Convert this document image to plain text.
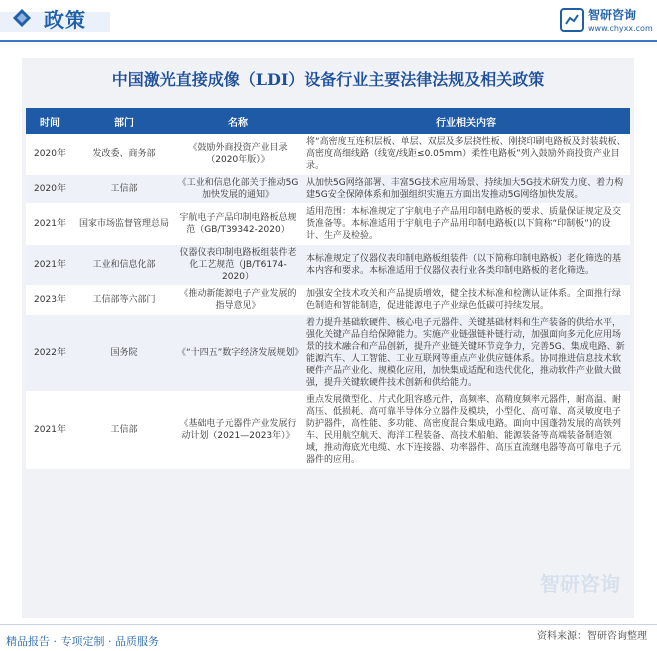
政策	智研咨询
www.chyxx.com
中国激光直接成像（LDI）设备行业主要法律法规及相关政策
时间	部门	名称	行业相关内容
2020年	发改委、商务部	《鼓励外商投资产业目录（2020年版）》	将“高密度互连积层板、单层、双层及多层挠性板、刚挠印刷电路板及封装载板、高密度高细线路（线宽/线距≤0.05mm）柔性电路板”列入鼓励外商投资产业目录。
2020年	工信部	《工业和信息化部关于推动5G加快发展的通知》	从加快5G网络部署、丰富5G技术应用场景、持续加大5G技术研发力度、着力构建5G安全保障体系和加强组织实施五方面出发推动5G网络加快发展。
2021年	国家市场监督管理总局	宇航电子产品印制电路板总规范（GB/T39342-2020）	适用范围：本标准规定了宇航电子产品用印制电路板的要求、质量保证规定及交货准备等。本标准适用于宇航电子产品用印制电路板(以下简称“印制板”)的设计、生产及检验。
2021年	工业和信息化部	仪器仪表印制电路板组装件老化工艺规范（JB/T6174-2020）	本标准规定了仪器仪表印制电路板组装件（以下简称印制电路板）老化筛选的基本内容和要求。本标准适用于仪器仪表行业各类印制电路板的老化筛选。
2023年	工信部等六部门	《推动新能源电子产业发展的指导意见》	加强安全技术攻关和产品提质增效，健全技术标准和检测认证体系。全面推行绿色制造和智能制造，促进能源电子产业绿色低碳可持续发展。
2022年	国务院	《“十四五”数字经济发展规划》	着力提升基础软硬件、核心电子元器件、关键基础材料和生产装备的供给水平，强化关键产品自给保障能力。实施产业链强链补链行动，加强面向多元化应用场景的技术融合和产品创新，提升产业链关键环节竞争力，完善5G、集成电路、新能源汽车、人工智能、工业互联网等重点产业供应链体系。协同推进信息技术软硬件产品产业化、规模化应用，加快集成适配和迭代优化，推动软件产业做大做强，提升关键软硬件技术创新和供给能力。
2021年	工信部	《基础电子元器件产业发展行动计划（2021—2023年）》	重点发展微型化、片式化阻容感元件，高频率、高精度频率元器件，耐高温、耐高压、低损耗、高可靠半导体分立器件及模块，小型化、高可靠、高灵敏度电子防护器件，高性能、多功能、高密度混合集成电路。面向中国蓬勃发展的高铁列车、民用航空航天、海洋工程装备、高技术船舶、能源装备等高端装备制造领域，推动海底光电缆、水下连接器、功率器件、高压直流继电器等高可靠电子元器件的应用。
智研咨询
精品报告 · 专项定制 · 品质服务	资料来源：智研咨询整理
